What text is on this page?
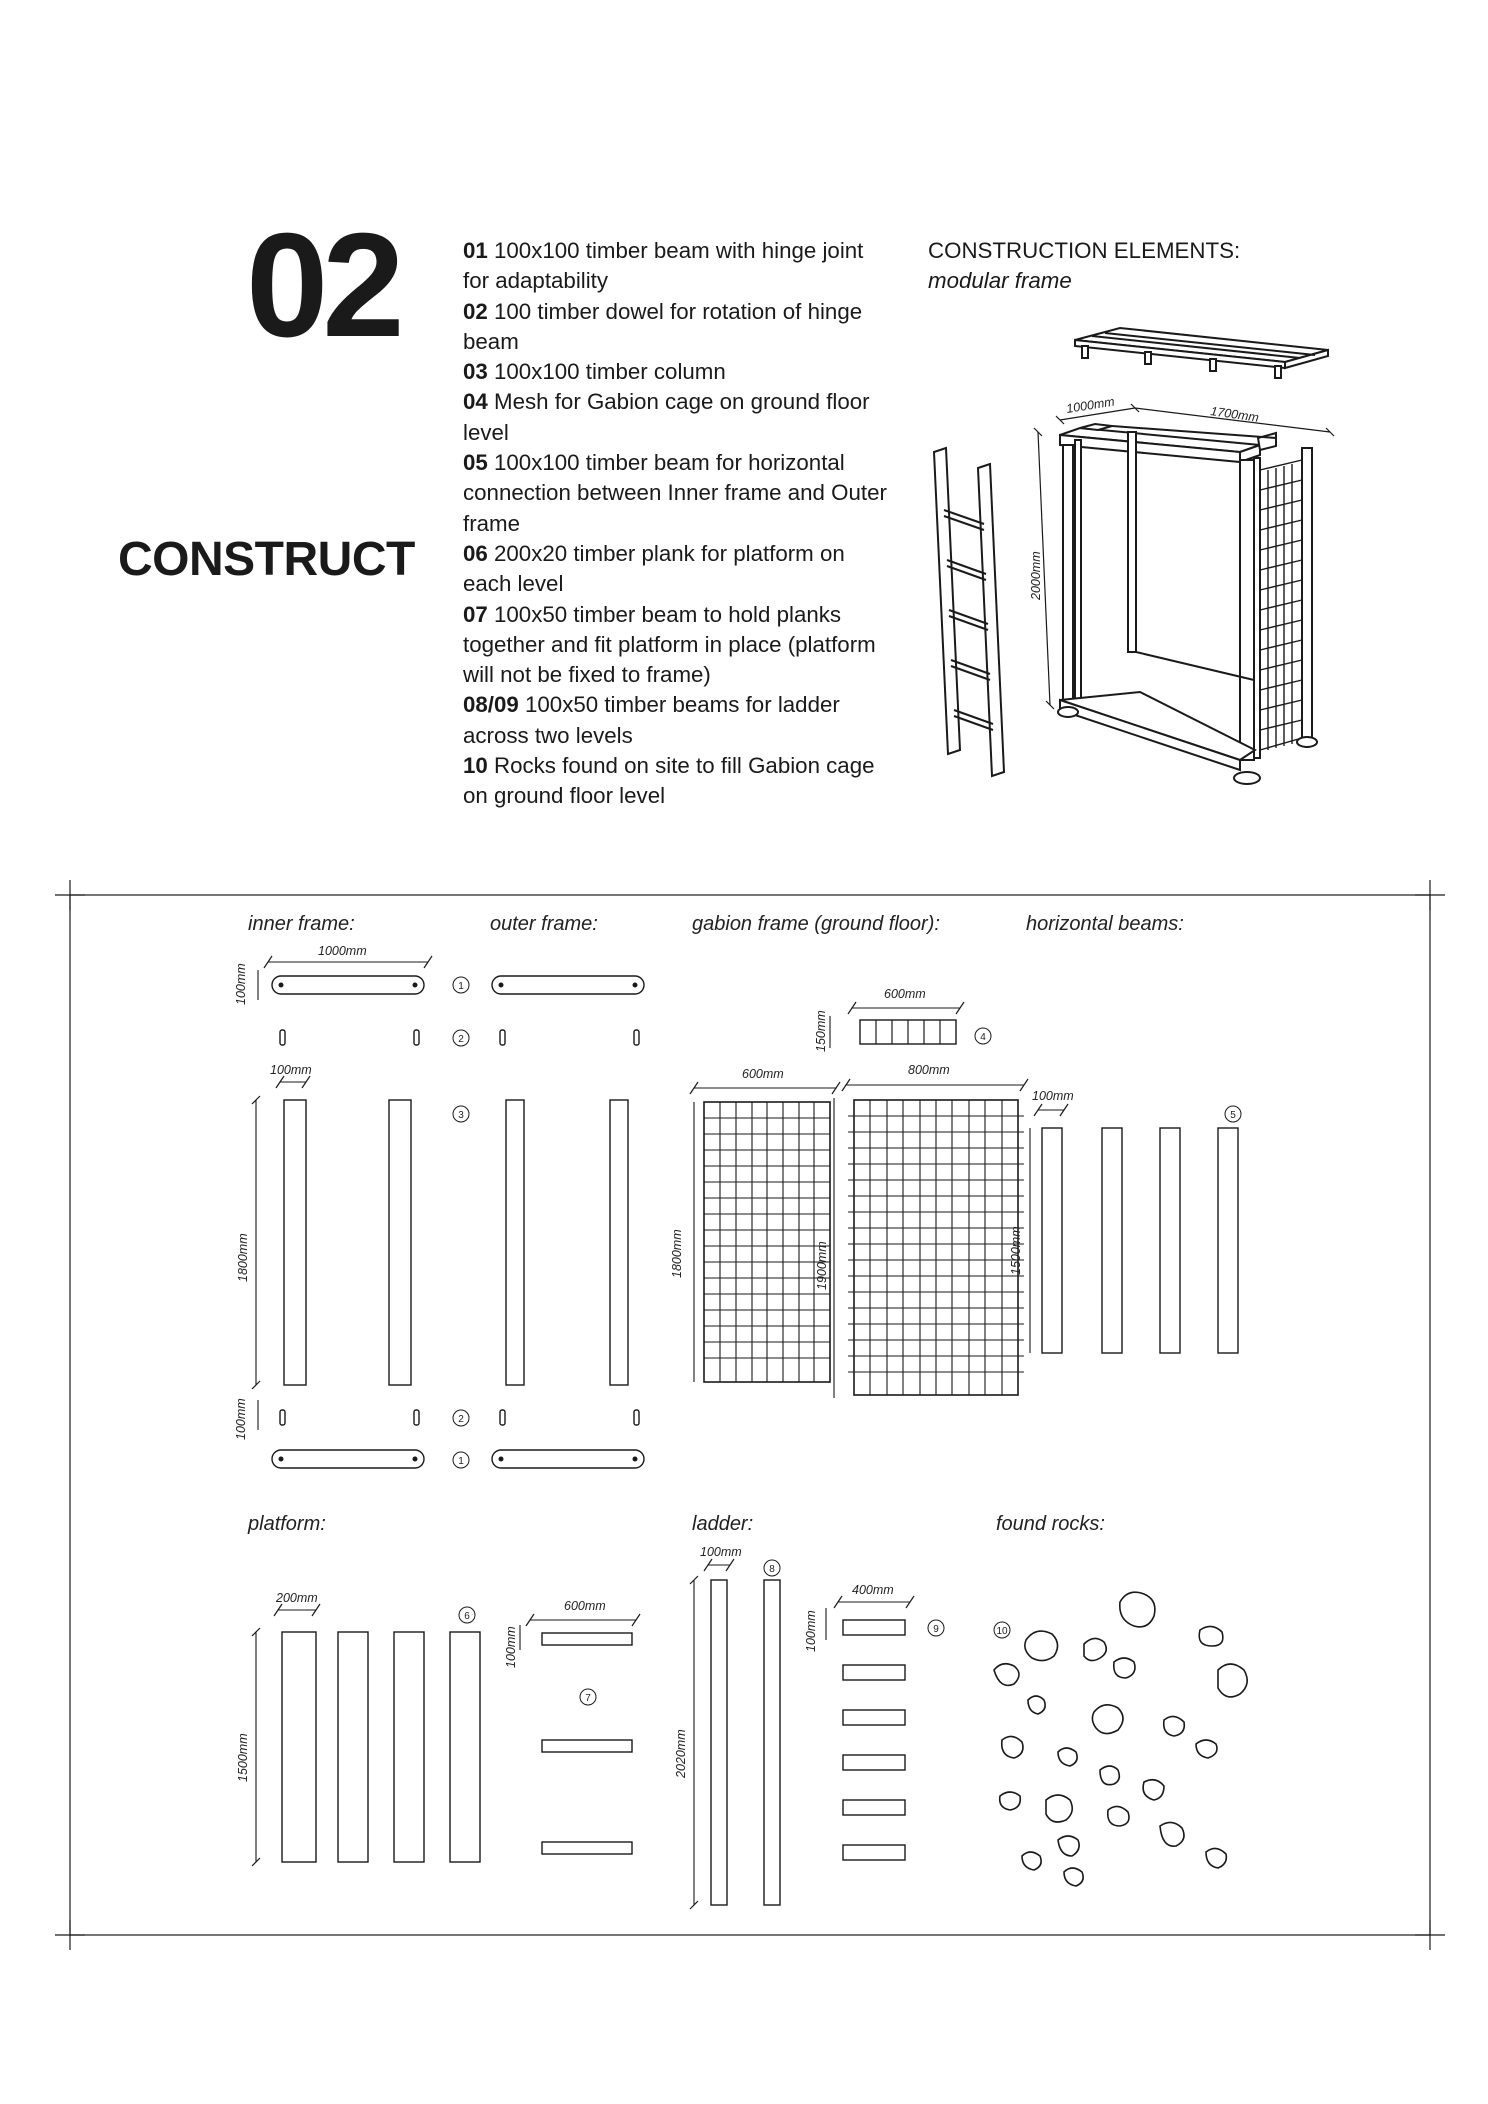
02
CONSTRUCT

01 100x100 timber beam with hinge joint for adaptability

02 100 timber dowel for rotation of hinge beam

03 100x100 timber column

04 Mesh for Gabion cage on ground floor level

05 100x100 timber beam for horizontal connection between Inner frame and Outer frame

06 200x20 timber plank for platform on each level

07 100x50 timber beam to hold planks together and fit platform in place (platform will not be fixed to frame)

08/09 100x50 timber beams for ladder across two levels

10 Rocks found on site to fill Gabion cage on ground floor level

CONSTRUCTION ELEMENTS:
modular frame
1000mm	1700mm
2000mm
inner frame:	outer frame:	gabion frame (ground floor):	horizontal beams:
platform:	ladder:	found rocks:
1000mm
100mm
100mm
1800mm
100mm
600mm
150mm
600mm
1800mm
800mm
1900mm
100mm
1500mm
200mm
1500mm
600mm
100mm
100mm
2020mm
400mm
100mm
1
2
3
4
5
2
1
6
7
8
9	10
